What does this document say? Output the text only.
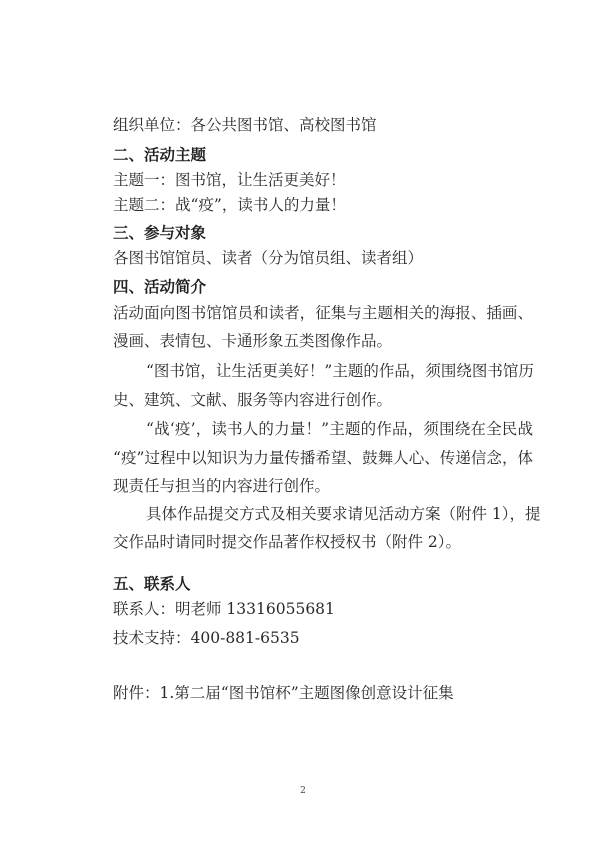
组织单位：各公共图书馆、高校图书馆
二、活动主题
主题一：图书馆，让生活更美好！
主题二：战“疫”，读书人的力量！
三、参与对象
各图书馆馆员、读者（分为馆员组、读者组）
四、活动简介
活动面向图书馆馆员和读者，征集与主题相关的海报、插画、
漫画、表情包、卡通形象五类图像作品。
“图书馆，让生活更美好！”主题的作品，须围绕图书馆历
史、建筑、文献、服务等内容进行创作。
“战‘疫’，读书人的力量！”主题的作品，须围绕在全民战
“疫”过程中以知识为力量传播希望、鼓舞人心、传递信念，体
现责任与担当的内容进行创作。
具体作品提交方式及相关要求请见活动方案（附件 1），提
交作品时请同时提交作品著作权授权书（附件 2）。
五、联系人
联系人：明老师 13316055681
技术支持：400-881-6535
附件：1.第二届“图书馆杯”主题图像创意设计征集
2
